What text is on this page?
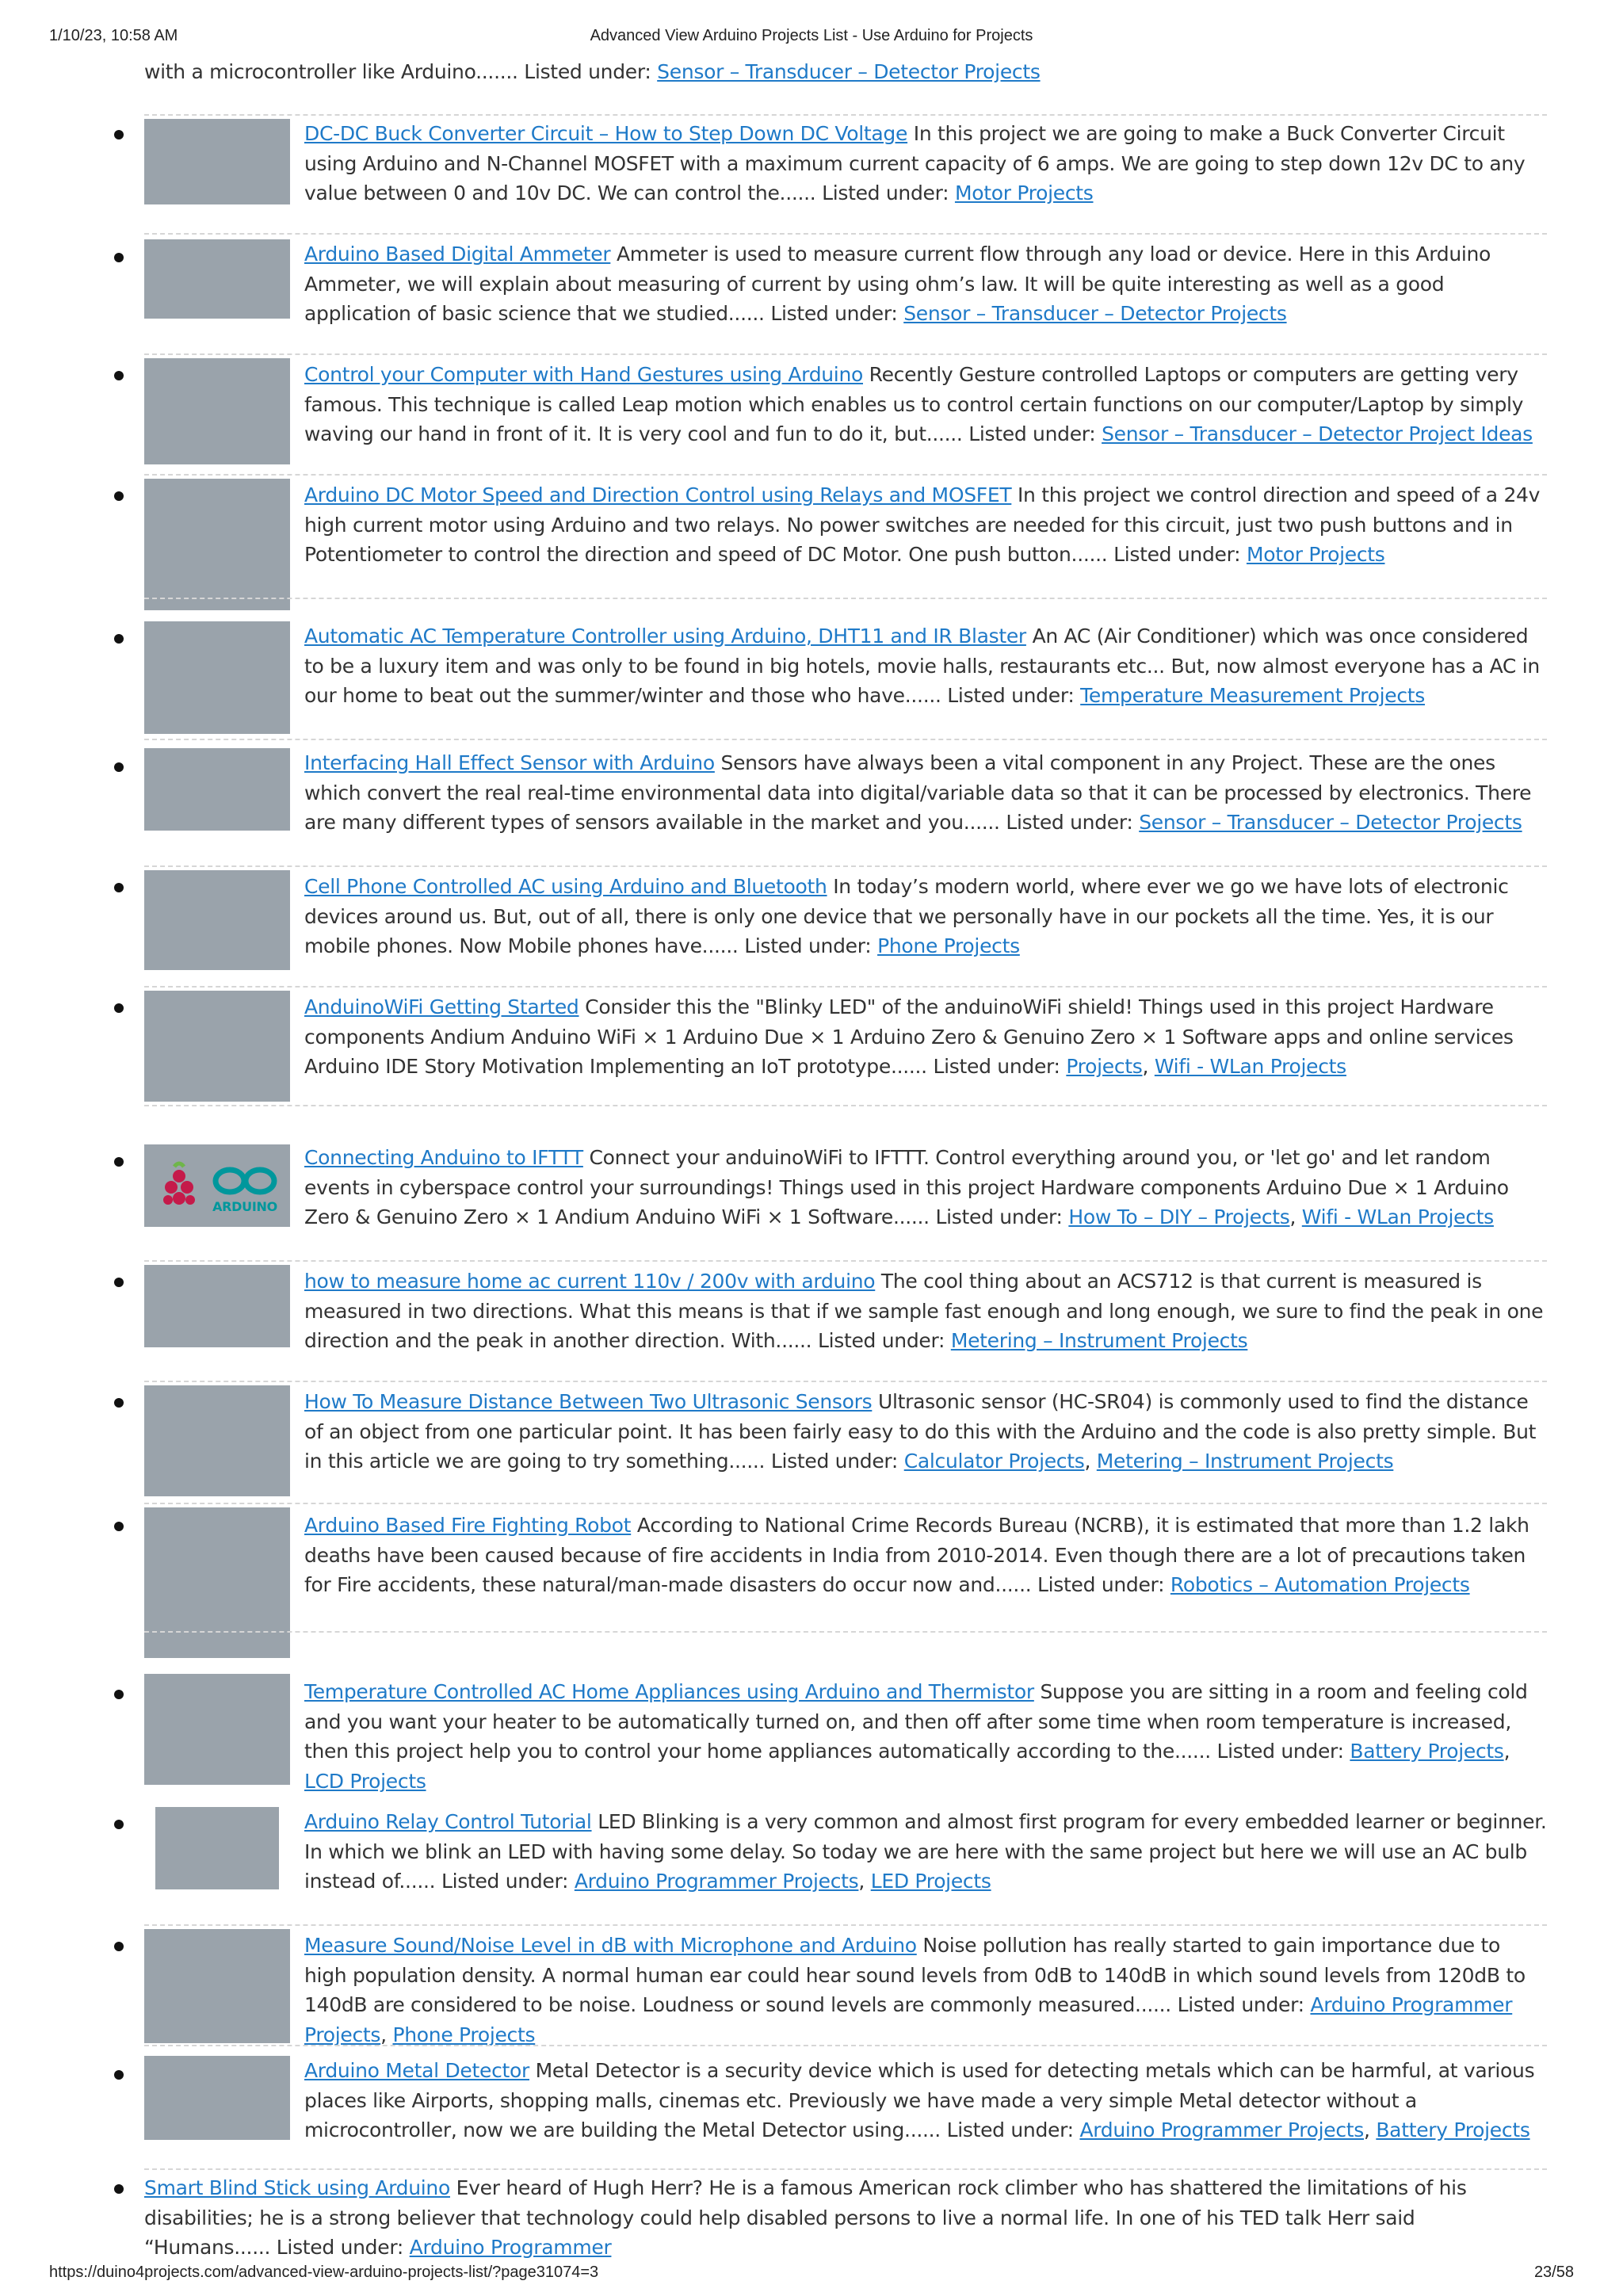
1/10/23, 10:58 AM	Advanced View Arduino Projects List - Use Arduino for Projects
with a microcontroller like Arduino....... Listed under: Sensor – Transducer – Detector Projects
DC-DC Buck Converter Circuit – How to Step Down DC Voltage In this project we are going to make a Buck Converter Circuit using Arduino and N-Channel MOSFET with a maximum current capacity of 6 amps. We are going to step down 12v DC to any value between 0 and 10v DC. We can control the...... Listed under: Motor Projects
Arduino Based Digital Ammeter Ammeter is used to measure current flow through any load or device. Here in this Arduino Ammeter, we will explain about measuring of current by using ohm’s law. It will be quite interesting as well as a good application of basic science that we studied...... Listed under: Sensor – Transducer – Detector Projects
Control your Computer with Hand Gestures using Arduino Recently Gesture controlled Laptops or computers are getting very famous. This technique is called Leap motion which enables us to control certain functions on our computer/Laptop by simply waving our hand in front of it. It is very cool and fun to do it, but...... Listed under: Sensor – Transducer – Detector Project Ideas
Arduino DC Motor Speed and Direction Control using Relays and MOSFET In this project we control direction and speed of a 24v high current motor using Arduino and two relays. No power switches are needed for this circuit, just two push buttons and in Potentiometer to control the direction and speed of DC Motor. One push button...... Listed under: Motor Projects
Automatic AC Temperature Controller using Arduino, DHT11 and IR Blaster An AC (Air Conditioner) which was once considered to be a luxury item and was only to be found in big hotels, movie halls, restaurants etc... But, now almost everyone has a AC in our home to beat out the summer/winter and those who have...... Listed under: Temperature Measurement Projects
Interfacing Hall Effect Sensor with Arduino Sensors have always been a vital component in any Project. These are the ones which convert the real real-time environmental data into digital/variable data so that it can be processed by electronics. There are many different types of sensors available in the market and you...... Listed under: Sensor – Transducer – Detector Projects
Cell Phone Controlled AC using Arduino and Bluetooth In today’s modern world, where ever we go we have lots of electronic devices around us. But, out of all, there is only one device that we personally have in our pockets all the time. Yes, it is our mobile phones. Now Mobile phones have...... Listed under: Phone Projects
AnduinoWiFi Getting Started Consider this the "Blinky LED" of the anduinoWiFi shield! Things used in this project Hardware components Andium Anduino WiFi × 1 Arduino Due × 1 Arduino Zero & Genuino Zero × 1 Software apps and online services Arduino IDE Story Motivation Implementing an IoT prototype...... Listed under: Projects, Wifi - WLan Projects
ARDUINO
Connecting Anduino to IFTTT Connect your anduinoWiFi to IFTTT. Control everything around you, or 'let go' and let random events in cyberspace control your surroundings! Things used in this project Hardware components Arduino Due × 1 Arduino Zero & Genuino Zero × 1 Andium Anduino WiFi × 1 Software...... Listed under: How To – DIY – Projects, Wifi - WLan Projects
how to measure home ac current 110v / 200v with arduino The cool thing about an ACS712 is that current is measured is measured in two directions. What this means is that if we sample fast enough and long enough, we sure to find the peak in one direction and the peak in another direction. With...... Listed under: Metering – Instrument Projects
How To Measure Distance Between Two Ultrasonic Sensors Ultrasonic sensor (HC-SR04) is commonly used to find the distance of an object from one particular point. It has been fairly easy to do this with the Arduino and the code is also pretty simple. But in this article we are going to try something...... Listed under: Calculator Projects, Metering – Instrument Projects
Arduino Based Fire Fighting Robot According to National Crime Records Bureau (NCRB), it is estimated that more than 1.2 lakh deaths have been caused because of fire accidents in India from 2010-2014. Even though there are a lot of precautions taken for Fire accidents, these natural/man-made disasters do occur now and...... Listed under: Robotics – Automation Projects
Temperature Controlled AC Home Appliances using Arduino and Thermistor Suppose you are sitting in a room and feeling cold and you want your heater to be automatically turned on, and then off after some time when room temperature is increased, then this project help you to control your home appliances automatically according to the...... Listed under: Battery Projects, LCD Projects
Arduino Relay Control Tutorial LED Blinking is a very common and almost first program for every embedded learner or beginner. In which we blink an LED with having some delay. So today we are here with the same project but here we will use an AC bulb instead of...... Listed under: Arduino Programmer Projects, LED Projects
Measure Sound/Noise Level in dB with Microphone and Arduino Noise pollution has really started to gain importance due to high population density. A normal human ear could hear sound levels from 0dB to 140dB in which sound levels from 120dB to 140dB are considered to be noise. Loudness or sound levels are commonly measured...... Listed under: Arduino Programmer Projects, Phone Projects
Arduino Metal Detector Metal Detector is a security device which is used for detecting metals which can be harmful, at various places like Airports, shopping malls, cinemas etc. Previously we have made a very simple Metal detector without a microcontroller, now we are building the Metal Detector using...... Listed under: Arduino Programmer Projects, Battery Projects
Smart Blind Stick using Arduino Ever heard of Hugh Herr? He is a famous American rock climber who has shattered the limitations of his disabilities; he is a strong believer that technology could help disabled persons to live a normal life. In one of his TED talk Herr said “Humans...... Listed under: Arduino Programmer
https://duino4projects.com/advanced-view-arduino-projects-list/?page31074=3	23/58
